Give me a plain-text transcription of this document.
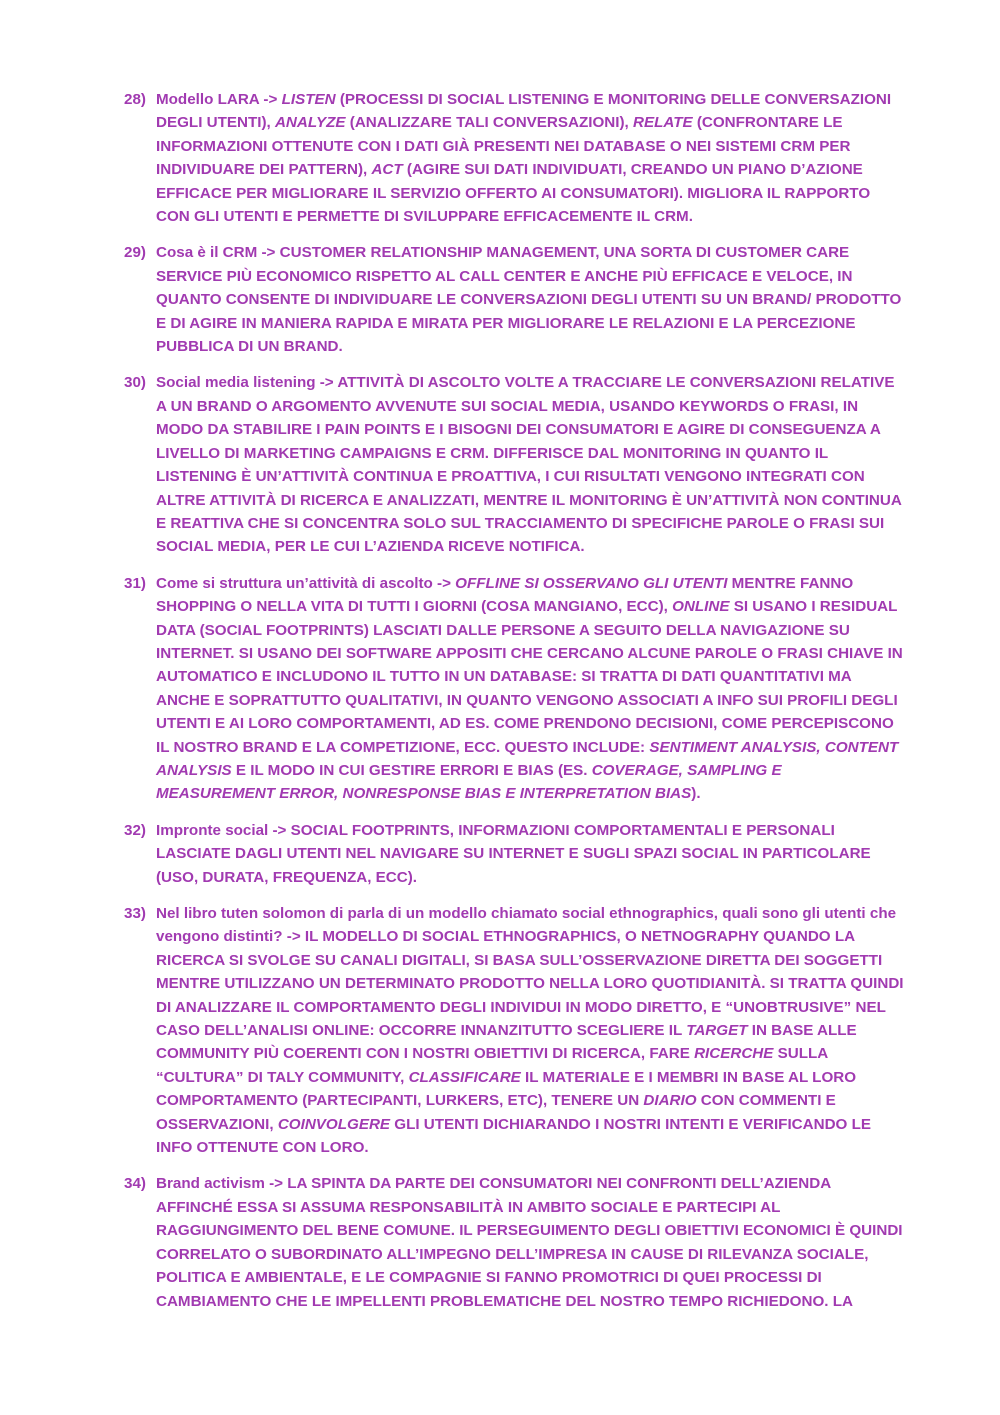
28) Modello LARA -> LISTEN (PROCESSI DI SOCIAL LISTENING E MONITORING DELLE CONVERSAZIONI DEGLI UTENTI), ANALYZE (ANALIZZARE TALI CONVERSAZIONI), RELATE (CONFRONTARE LE INFORMAZIONI OTTENUTE CON I DATI GIÀ PRESENTI NEI DATABASE O NEI SISTEMI CRM PER INDIVIDUARE DEI PATTERN), ACT (AGIRE SUI DATI INDIVIDUATI, CREANDO UN PIANO D’AZIONE EFFICACE PER MIGLIORARE IL SERVIZIO OFFERTO AI CONSUMATORI). MIGLIORA IL RAPPORTO CON GLI UTENTI E PERMETTE DI SVILUPPARE EFFICACEMENTE IL CRM.
29) Cosa è il CRM -> CUSTOMER RELATIONSHIP MANAGEMENT, UNA SORTA DI CUSTOMER CARE SERVICE PIÙ ECONOMICO RISPETTO AL CALL CENTER E ANCHE PIÙ EFFICACE E VELOCE, IN QUANTO CONSENTE DI INDIVIDUARE LE CONVERSAZIONI DEGLI UTENTI SU UN BRAND/ PRODOTTO E DI AGIRE IN MANIERA RAPIDA E MIRATA PER MIGLIORARE LE RELAZIONI E LA PERCEZIONE PUBBLICA DI UN BRAND.
30) Social media listening -> ATTIVITÀ DI ASCOLTO VOLTE A TRACCIARE LE CONVERSAZIONI RELATIVE A UN BRAND O ARGOMENTO AVVENUTE SUI SOCIAL MEDIA, USANDO KEYWORDS O FRASI, IN MODO DA STABILIRE I PAIN POINTS E I BISOGNI DEI CONSUMATORI E AGIRE DI CONSEGUENZA A LIVELLO DI MARKETING CAMPAIGNS E CRM. DIFFERISCE DAL MONITORING IN QUANTO IL LISTENING È UN’ATTIVITÀ CONTINUA E PROATTIVA, I CUI RISULTATI VENGONO INTEGRATI CON ALTRE ATTIVITÀ DI RICERCA E ANALIZZATI, MENTRE IL MONITORING È UN’ATTIVITÀ NON CONTINUA E REATTIVA CHE SI CONCENTRA SOLO SUL TRACCIAMENTO DI SPECIFICHE PAROLE O FRASI SUI SOCIAL MEDIA, PER LE CUI L’AZIENDA RICEVE NOTIFICA.
31) Come si struttura un’attività di ascolto -> OFFLINE SI OSSERVANO GLI UTENTI MENTRE FANNO SHOPPING O NELLA VITA DI TUTTI I GIORNI (COSA MANGIANO, ECC), ONLINE SI USANO I RESIDUAL DATA (SOCIAL FOOTPRINTS) LASCIATI DALLE PERSONE A SEGUITO DELLA NAVIGAZIONE SU INTERNET. SI USANO DEI SOFTWARE APPOSITI CHE CERCANO ALCUNE PAROLE O FRASI CHIAVE IN AUTOMATICO E INCLUDONO IL TUTTO IN UN DATABASE: SI TRATTA DI DATI QUANTITATIVI MA ANCHE E SOPRATTUTTO QUALITATIVI, IN QUANTO VENGONO ASSOCIATI A INFO SUI PROFILI DEGLI UTENTI E AI LORO COMPORTAMENTI, AD ES. COME PRENDONO DECISIONI, COME PERCEPISCONO IL NOSTRO BRAND E LA COMPETIZIONE, ECC. QUESTO INCLUDE: SENTIMENT ANALYSIS, CONTENT ANALYSIS E IL MODO IN CUI GESTIRE ERRORI E BIAS (ES. COVERAGE, SAMPLING E MEASUREMENT ERROR, NONRESPONSE BIAS E INTERPRETATION BIAS).
32) Impronte social -> SOCIAL FOOTPRINTS, INFORMAZIONI COMPORTAMENTALI E PERSONALI LASCIATE DAGLI UTENTI NEL NAVIGARE SU INTERNET E SUGLI SPAZI SOCIAL IN PARTICOLARE (USO, DURATA, FREQUENZA, ECC).
33) Nel libro tuten solomon di parla di un modello chiamato social ethnographics, quali sono gli utenti che vengono distinti? -> IL MODELLO DI SOCIAL ETHNOGRAPHICS, O NETNOGRAPHY QUANDO LA RICERCA SI SVOLGE SU CANALI DIGITALI, SI BASA SULL’OSSERVAZIONE DIRETTA DEI SOGGETTI MENTRE UTILIZZANO UN DETERMINATO PRODOTTO NELLA LORO QUOTIDIANITÀ. SI TRATTA QUINDI DI ANALIZZARE IL COMPORTAMENTO DEGLI INDIVIDUI IN MODO DIRETTO, E “UNOBTRUSIVE” NEL CASO DELL’ANALISI ONLINE: OCCORRE INNANZITUTTO SCEGLIERE IL TARGET IN BASE ALLE COMMUNITY PIÙ COERENTI CON I NOSTRI OBIETTIVI DI RICERCA, FARE RICERCHE SULLA “CULTURA” DI TALY COMMUNITY, CLASSIFICARE IL MATERIALE E I MEMBRI IN BASE AL LORO COMPORTAMENTO (PARTECIPANTI, LURKERS, ETC), TENERE UN DIARIO CON COMMENTI E OSSERVAZIONI, COINVOLGERE GLI UTENTI DICHIARANDO I NOSTRI INTENTI E VERIFICANDO LE INFO OTTENUTE CON LORO.
34) Brand activism -> LA SPINTA DA PARTE DEI CONSUMATORI NEI CONFRONTI DELL’AZIENDA AFFINCHÉ ESSA SI ASSUMA RESPONSABILITÀ IN AMBITO SOCIALE E PARTECIPI AL RAGGIUNGIMENTO DEL BENE COMUNE. IL PERSEGUIMENTO DEGLI OBIETTIVI ECONOMICI È QUINDI CORRELATO O SUBORDINATO ALL’IMPEGNO DELL’IMPRESA IN CAUSE DI RILEVANZA SOCIALE, POLITICA E AMBIENTALE, E LE COMPAGNIE SI FANNO PROMOTRICI DI QUEI PROCESSI DI CAMBIAMENTO CHE LE IMPELLENTI PROBLEMATICHE DEL NOSTRO TEMPO RICHIEDONO. LA
